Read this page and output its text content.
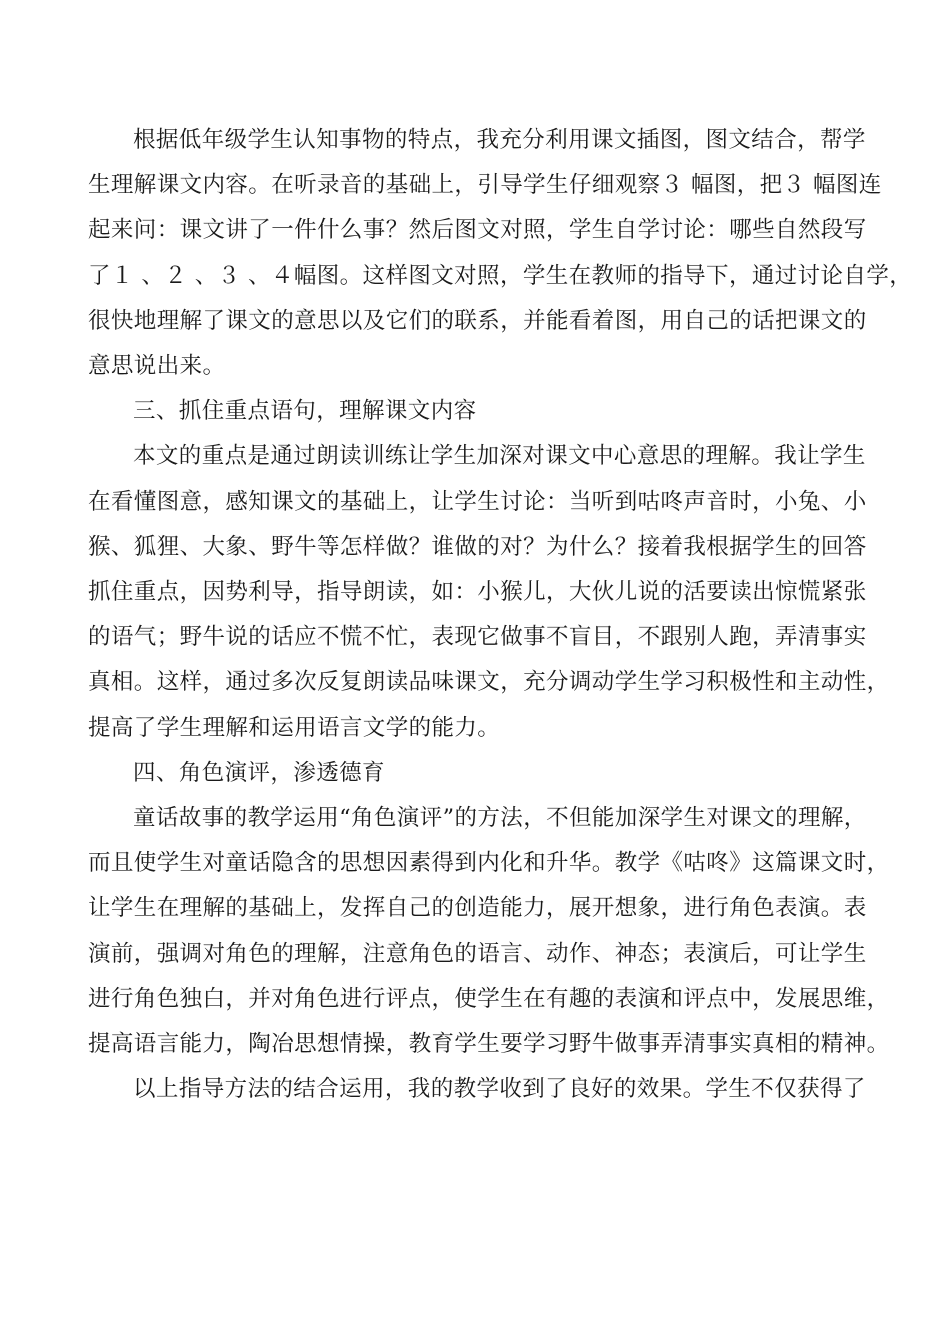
根据低年级学生认知事物的特点，我充分利用课文插图，图文结合，帮学
生理解课文内容。在听录音的基础上，引导学生仔细观察３ 幅图，把３ 幅图连
起来问：课文讲了一件什么事？然后图文对照，学生自学讨论：哪些自然段写
了１ 、２ 、３ 、４幅图。这样图文对照，学生在教师的指导下，通过讨论自学，
很快地理解了课文的意思以及它们的联系，并能看着图，用自己的话把课文的
意思说出来。
三、抓住重点语句，理解课文内容
本文的重点是通过朗读训练让学生加深对课文中心意思的理解。我让学生
在看懂图意，感知课文的基础上，让学生讨论：当听到咕咚声音时，小兔、小
猴、狐狸、大象、野牛等怎样做？谁做的对？为什么？接着我根据学生的回答
抓住重点，因势利导，指导朗读，如：小猴儿，大伙儿说的活要读出惊慌紧张
的语气；野牛说的话应不慌不忙，表现它做事不盲目，不跟别人跑，弄清事实
真相。这样，通过多次反复朗读品味课文，充分调动学生学习积极性和主动性，
提高了学生理解和运用语言文学的能力。
四、角色演评，渗透德育
童话故事的教学运用“角色演评”的方法，不但能加深学生对课文的理解，
而且使学生对童话隐含的思想因素得到内化和升华。教学《咕咚》这篇课文时，
让学生在理解的基础上，发挥自己的创造能力，展开想象，进行角色表演。表
演前，强调对角色的理解，注意角色的语言、动作、神态；表演后，可让学生
进行角色独白，并对角色进行评点，使学生在有趣的表演和评点中，发展思维，
提高语言能力，陶冶思想情操，教育学生要学习野牛做事弄清事实真相的精神。
以上指导方法的结合运用，我的教学收到了良好的效果。学生不仅获得了
